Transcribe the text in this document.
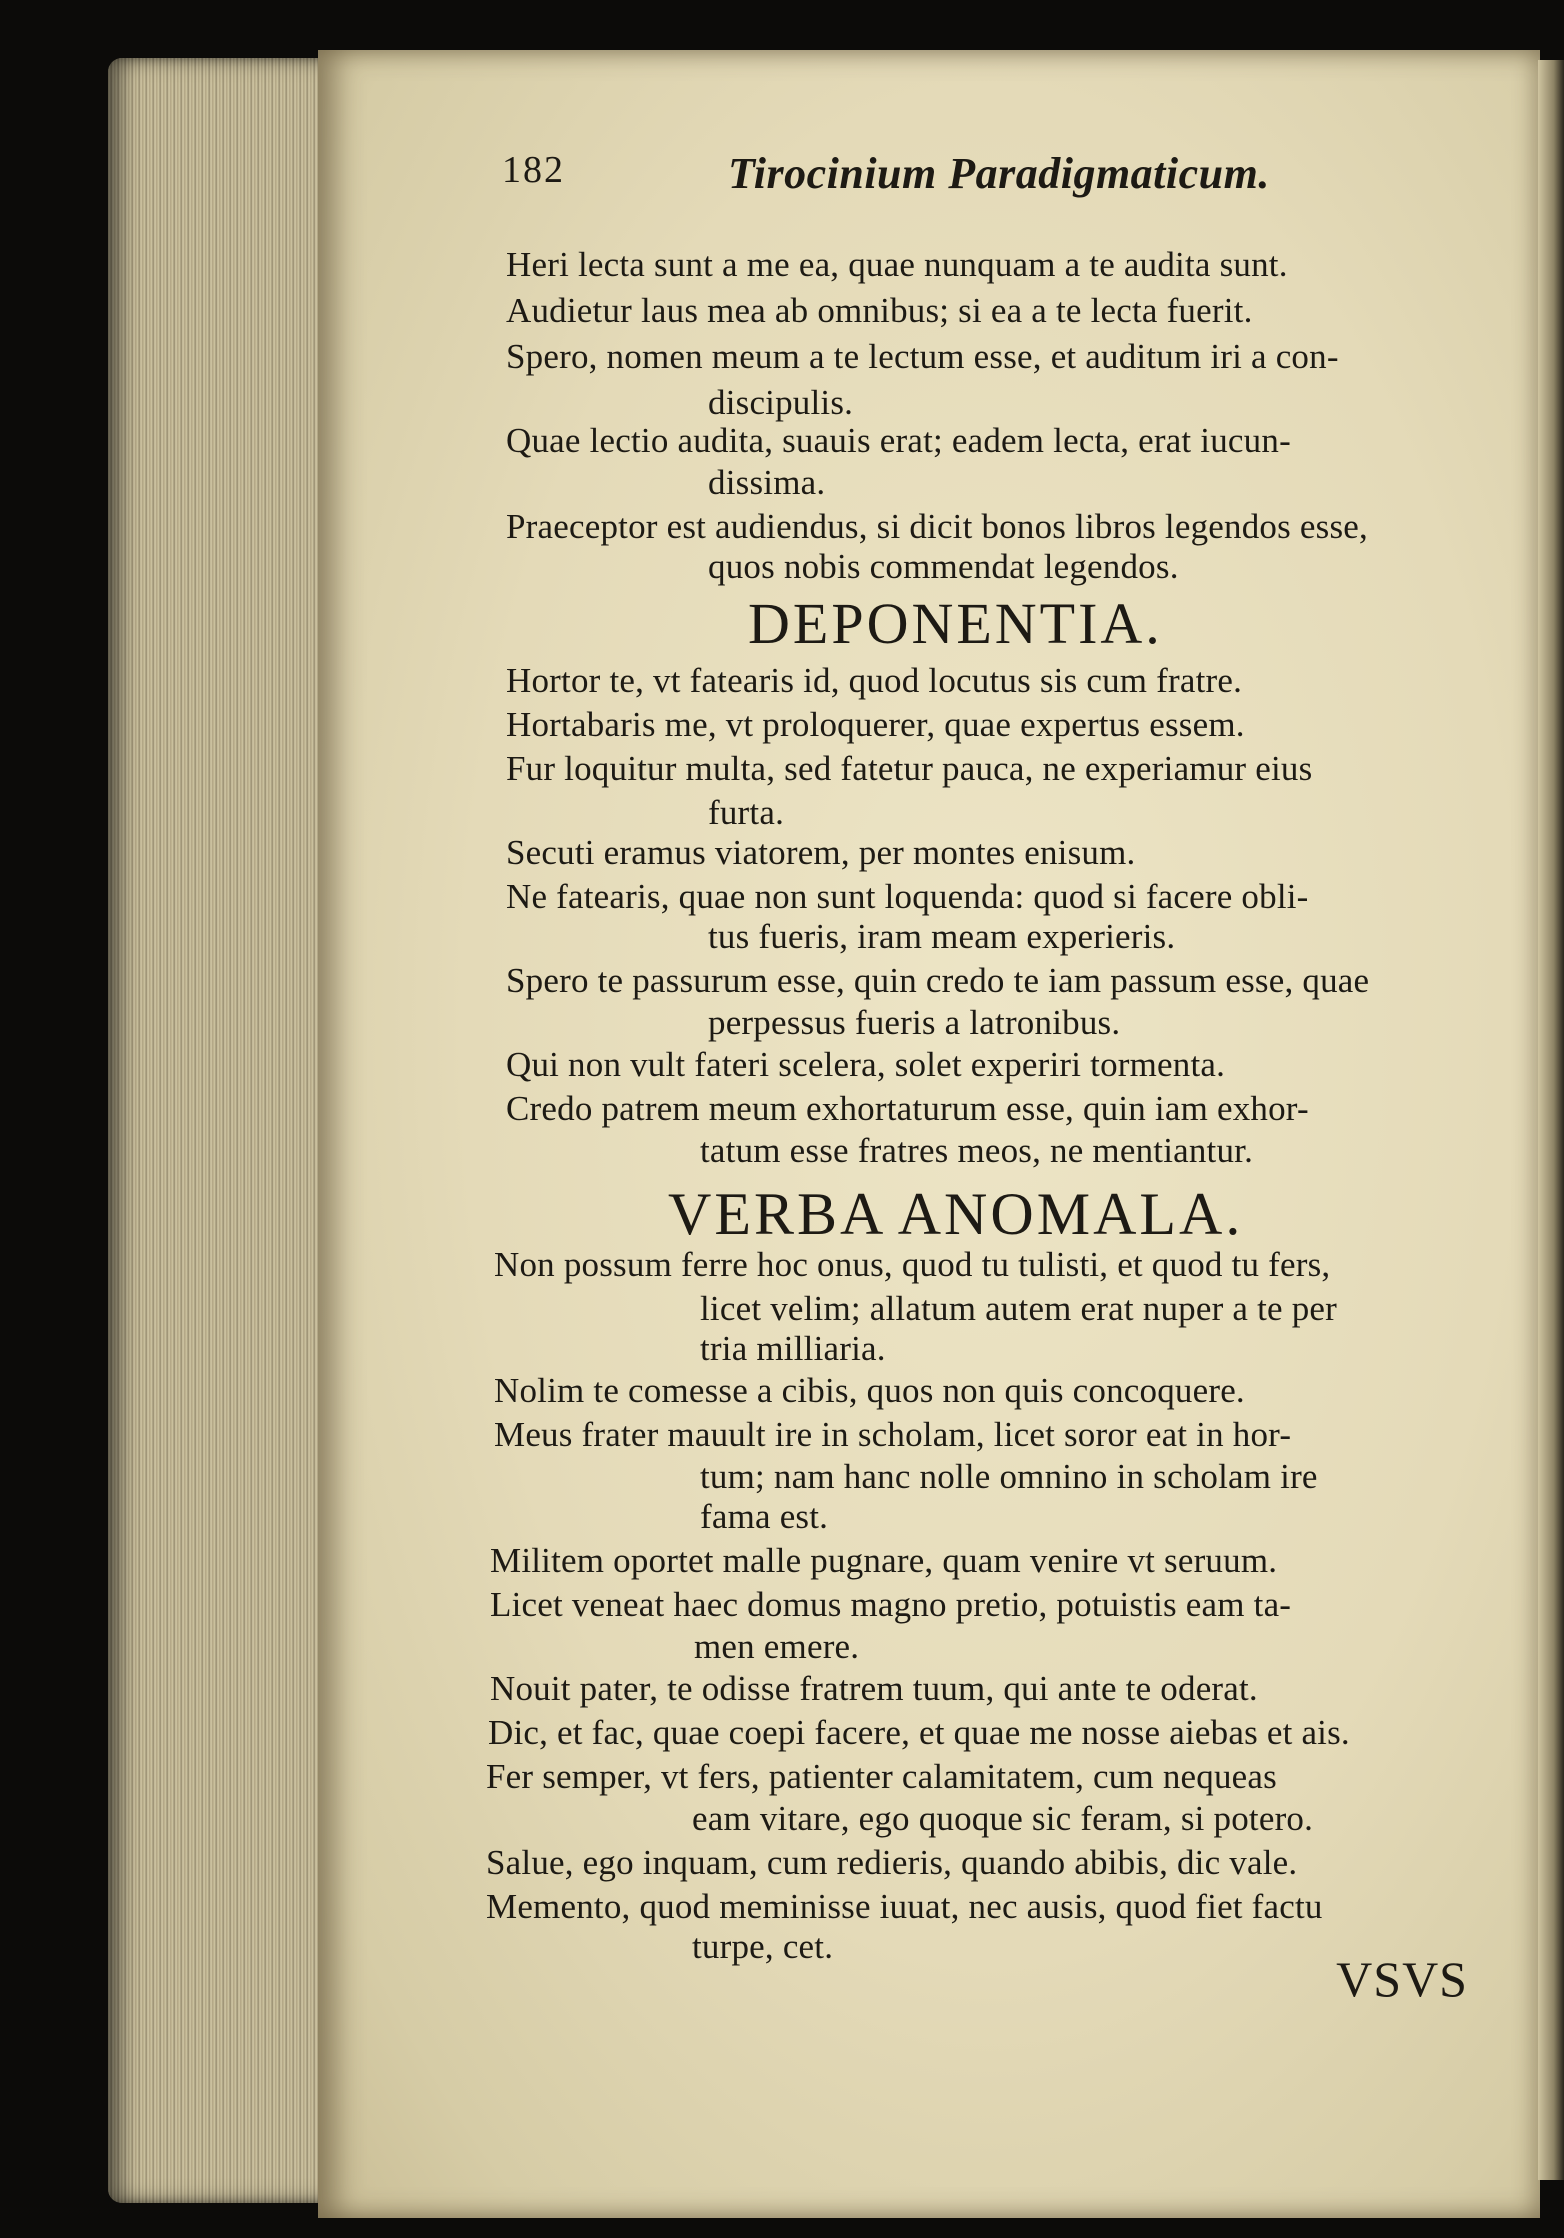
182	Tirocinium Paradigmaticum.
Heri lecta sunt a me ea, quae nunquam a te audita sunt.
Audietur laus mea ab omnibus; si ea a te lecta fuerit.
Spero, nomen meum a te lectum esse, et auditum iri a con-
discipulis.
Quae lectio audita, suauis erat; eadem lecta, erat iucun-
dissima.
Praeceptor est audiendus, si dicit bonos libros legendos esse,
quos nobis commendat legendos.
DEPONENTIA.
Hortor te, vt fatearis id, quod locutus sis cum fratre.
Hortabaris me, vt proloquerer, quae expertus essem.
Fur loquitur multa, sed fatetur pauca, ne experiamur eius
furta.
Secuti eramus viatorem, per montes enisum.
Ne fatearis, quae non sunt loquenda: quod si facere obli-
tus fueris, iram meam experieris.
Spero te passurum esse, quin credo te iam passum esse, quae
perpessus fueris a latronibus.
Qui non vult fateri scelera, solet experiri tormenta.
Credo patrem meum exhortaturum esse, quin iam exhor-
tatum esse fratres meos, ne mentiantur.
VERBA ANOMALA.
Non possum ferre hoc onus, quod tu tulisti, et quod tu fers,
licet velim; allatum autem erat nuper a te per
tria milliaria.
Nolim te comesse a cibis, quos non quis concoquere.
Meus frater mauult ire in scholam, licet soror eat in hor-
tum; nam hanc nolle omnino in scholam ire
fama est.
Militem oportet malle pugnare, quam venire vt seruum.
Licet veneat haec domus magno pretio, potuistis eam ta-
men emere.
Nouit pater, te odisse fratrem tuum, qui ante te oderat.
Dic, et fac, quae coepi facere, et quae me nosse aiebas et ais.
Fer semper, vt fers, patienter calamitatem, cum nequeas
eam vitare, ego quoque sic feram, si potero.
Salue, ego inquam, cum redieris, quando abibis, dic vale.
Memento, quod meminisse iuuat, nec ausis, quod fiet factu
turpe, cet.
VSVS
